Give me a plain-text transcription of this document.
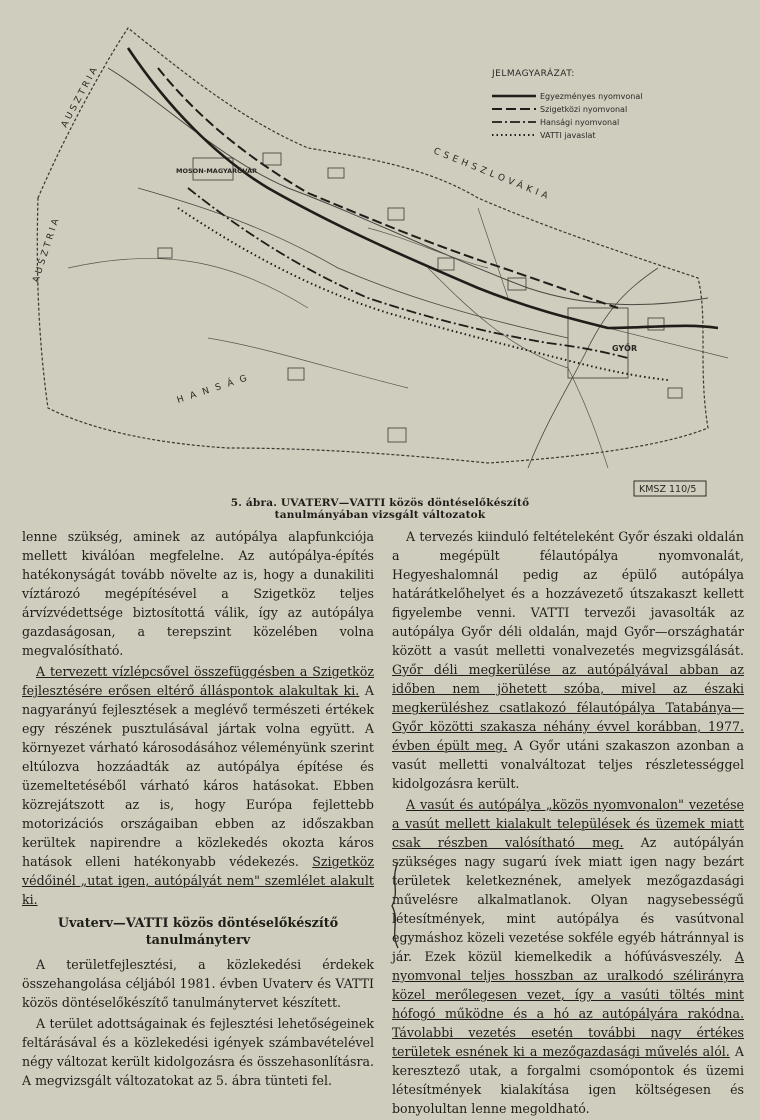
JELMAGYARÁZAT:
Egyezményes nyomvonal
Szigetközi nyomvonal
Hansági nyomvonal
VATTI javaslat
AUSZTRIA
AUSZTRIA
CSEHSZLOVÁKIA
H A N S Á G
MOSON-MAGYARÓVÁR
GYŐR
KMSZ 110/5
5. ábra. UVATERV—VATTI közös döntéselőkészítő
tanulmányában vizsgált változatok

lenne szükség, aminek az autópálya alapfunkciója mellett kiválóan megfelelne. Az autópálya-építés hatékonyságát tovább növelte az is, hogy a dunakiliti víztározó megépítésével a Szigetköz teljes árvízvédettsége biztosítottá válik, így az autópálya gazdaságosan, a terepszint közelében volna megvalósítható.

A tervezett vízlépcsővel összefüggésben a Szigetköz fejlesztésére erősen eltérő álláspontok alakultak ki. A nagyarányú fejlesztések a meglévő természeti értékek egy részének pusztulásával jártak volna együtt. A környezet várható károsodásához véleményünk szerint eltúlozva hozzáadták az autópálya építése és üzemeltetéséből várható káros hatásokat. Ebben közrejátszott az is, hogy Európa fejlettebb motorizációs országaiban ebben az időszakban kerültek napirendre a közlekedés okozta káros hatások elleni hatékonyabb védekezés. Szigetköz védőinél „utat igen, autópályát nem" szemlélet alakult ki.

Uvaterv—VATTI közös döntéselőkészítő tanulmányterv

A területfejlesztési, a közlekedési érdekek összehangolása céljából 1981. évben Uvaterv és VATTI közös döntéselőkészítő tanulmánytervet készített.

A terület adottságainak és fejlesztési lehetőségeinek feltárásával és a közlekedési igények számbavételével négy változat került kidolgozásra és összehasonlításra. A megvizsgált változatokat az 5. ábra tünteti fel.

A tervezés kiinduló feltételeként Győr északi oldalán a megépült félautópálya nyomvonalát, Hegyeshalomnál pedig az épülő autópálya határátkelőhelyet és a hozzávezető útszakaszt kellett figyelembe venni. VATTI tervezői javasolták az autópálya Győr déli oldalán, majd Győr—országhatár között a vasút melletti vonalvezetés megvizsgálását. Győr déli megkerülése az autópályával abban az időben nem jöhetett szóba, mivel az északi megkerüléshez csatlakozó félautópálya Tatabánya—Győr közötti szakasza néhány évvel korábban, 1977. évben épült meg. A Győr utáni szakaszon azonban a vasút melletti vonalváltozat teljes részletességgel kidolgozásra került.

A vasút és autópálya „közös nyomvonalon" vezetése a vasút mellett kialakult települések és üzemek miatt csak részben valósítható meg. Az autópályán szükséges nagy sugarú ívek miatt igen nagy bezárt területek keletkeznének, amelyek mezőgazdasági művelésre alkalmatlanok. Olyan nagysebességű létesítmények, mint autópálya és vasútvonal egymáshoz közeli vezetése sokféle egyéb hátránnyal is jár. Ezek közül kiemelkedik a hófúvásveszély. A nyomvonal teljes hosszban az uralkodó szélirányra közel merőlegesen vezet, így a vasúti töltés mint hófogó működne és a hó az autópályára rakódna. Távolabbi vezetés esetén további nagy értékes területek esnének ki a mezőgazdasági művelés alól. A keresztező utak, a forgalmi csomópontok és üzemi létesítmények kialakítása igen költségesen és bonyolultan lenne megoldható.
